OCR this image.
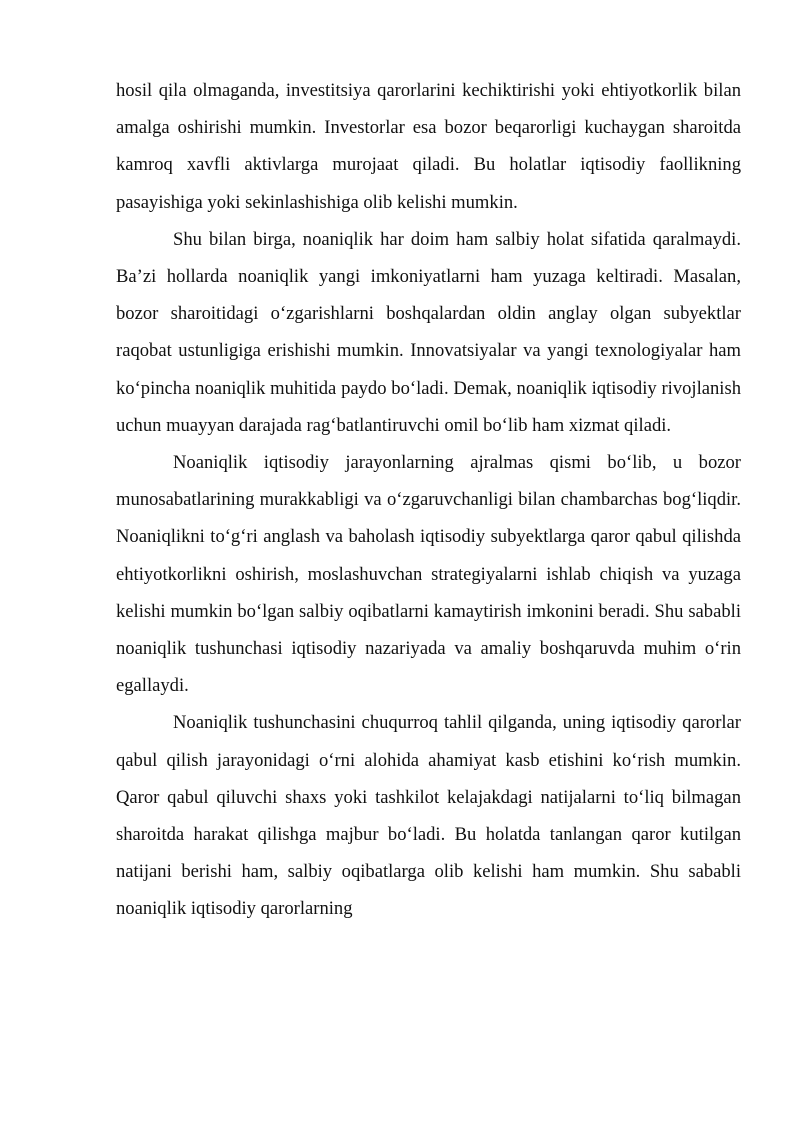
hosil qila olmaganda, investitsiya qarorlarini kechiktirishi yoki ehtiyotkorlik bilan amalga oshirishi mumkin. Investorlar esa bozor beqarorligi kuchaygan sharoitda kamroq xavfli aktivlarga murojaat qiladi. Bu holatlar iqtisodiy faollikning pasayishiga yoki sekinlashishiga olib kelishi mumkin.

Shu bilan birga, noaniqlik har doim ham salbiy holat sifatida qaralmaydi. Ba’zi hollarda noaniqlik yangi imkoniyatlarni ham yuzaga keltiradi. Masalan, bozor sharoitidagi o‘zgarishlarni boshqalardan oldin anglay olgan subyektlar raqobat ustunligiga erishishi mumkin. Innovatsiyalar va yangi texnologiyalar ham ko‘pincha noaniqlik muhitida paydo bo‘ladi. Demak, noaniqlik iqtisodiy rivojlanish uchun muayyan darajada rag‘batlantiruvchi omil bo‘lib ham xizmat qiladi.

Noaniqlik iqtisodiy jarayonlarning ajralmas qismi bo‘lib, u bozor munosabatlarining murakkabligi va o‘zgaruvchanligi bilan chambarchas bog‘liqdir. Noaniqlikni to‘g‘ri anglash va baholash iqtisodiy subyektlarga qaror qabul qilishda ehtiyotkorlikni oshirish, moslashuvchan strategiyalarni ishlab chiqish va yuzaga kelishi mumkin bo‘lgan salbiy oqibatlarni kamaytirish imkonini beradi. Shu sababli noaniqlik tushunchasi iqtisodiy nazariyada va amaliy boshqaruvda muhim o‘rin egallaydi.

Noaniqlik tushunchasini chuqurroq tahlil qilganda, uning iqtisodiy qarorlar qabul qilish jarayonidagi o‘rni alohida ahamiyat kasb etishini ko‘rish mumkin. Qaror qabul qiluvchi shaxs yoki tashkilot kelajakdagi natijalarni to‘liq bilmagan sharoitda harakat qilishga majbur bo‘ladi. Bu holatda tanlangan qaror kutilgan natijani berishi ham, salbiy oqibatlarga olib kelishi ham mumkin. Shu sababli noaniqlik iqtisodiy qarorlarning
